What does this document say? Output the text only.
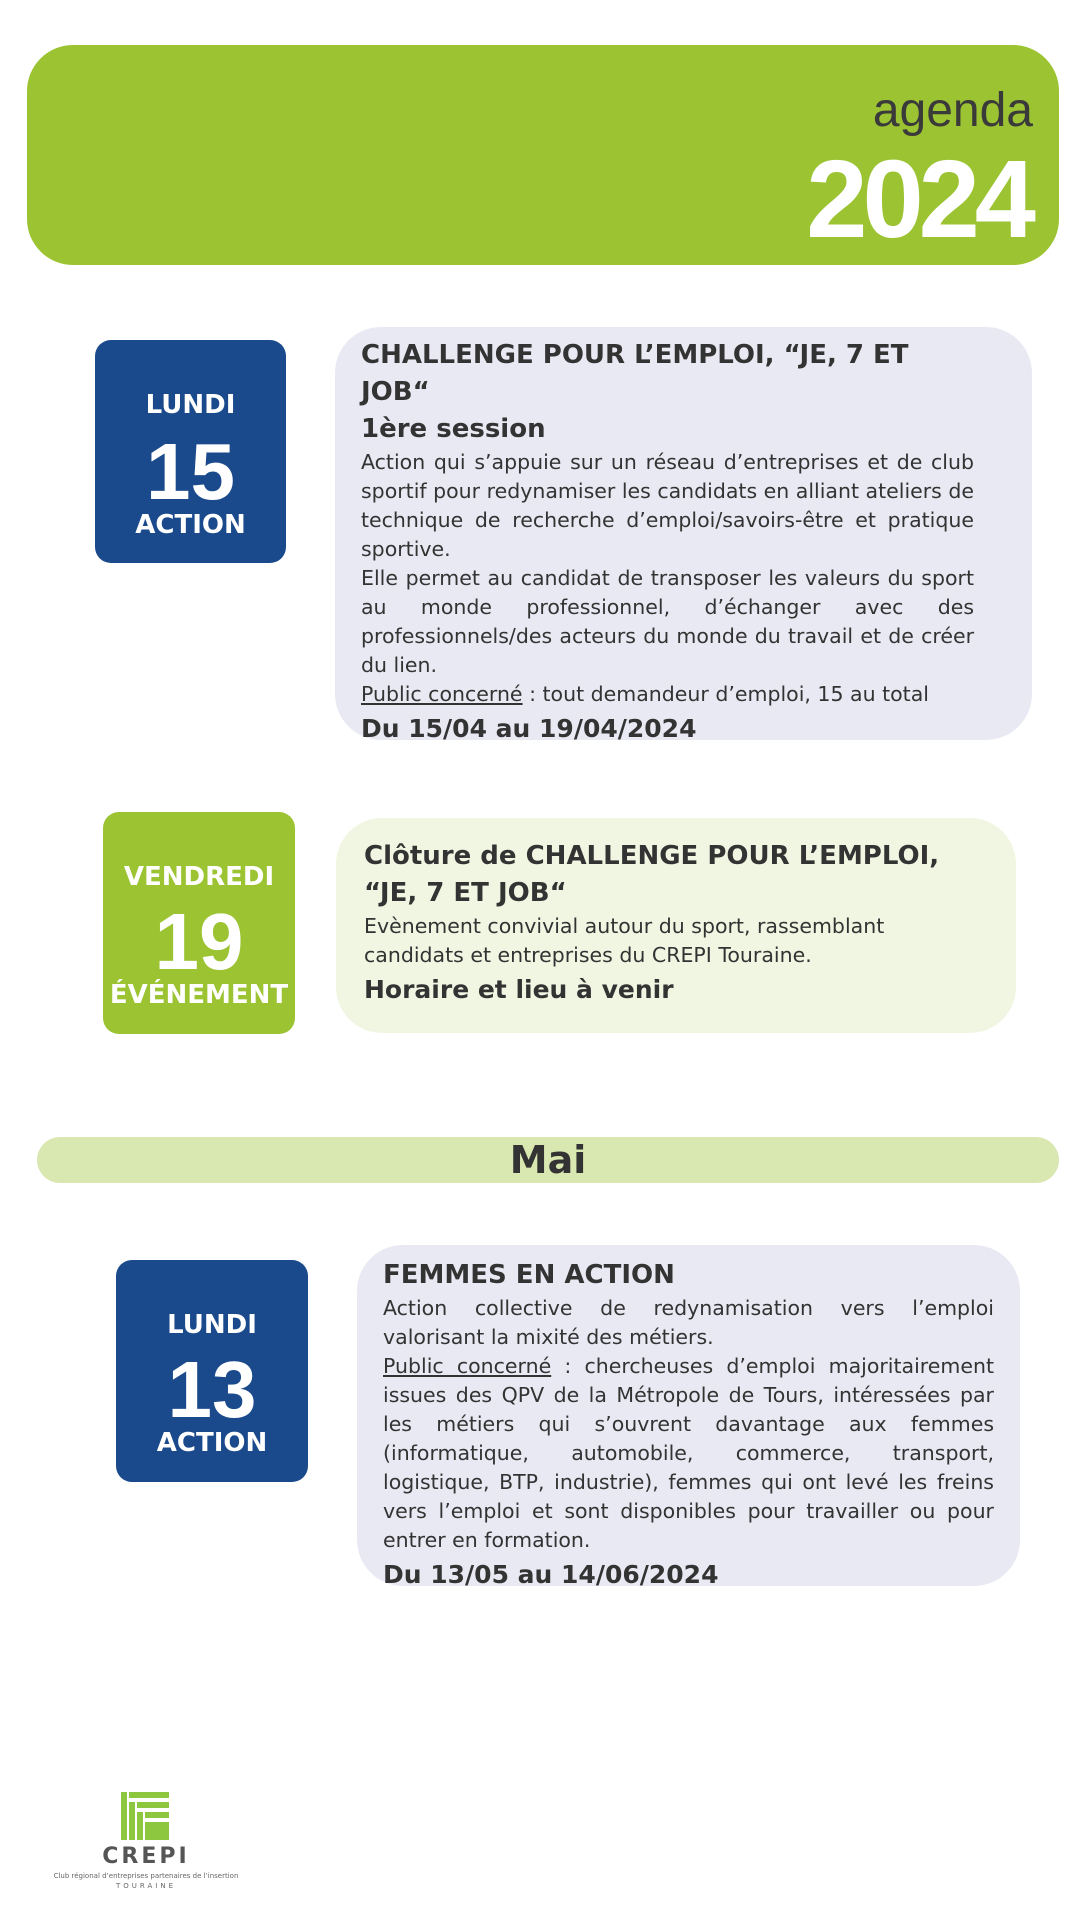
agenda
2024
LUNDI
15
ACTION
CHALLENGE POUR L’EMPLOI, “JE, 7 ET JOB“
1ère session

Action qui s’appuie sur un réseau d’entreprises et de club sportif pour redynamiser les candidats en alliant ateliers de technique de recherche d’emploi/savoirs-être et pratique sportive.

Elle permet au candidat de transposer les valeurs du sport au monde professionnel, d’échanger avec des professionnels/des acteurs du monde du travail et de créer du lien.

Public concerné : tout demandeur d’emploi, 15 au total

Du 15/04 au 19/04/2024
VENDREDI
19
ÉVÉNEMENT
Clôture de CHALLENGE POUR L’EMPLOI, “JE, 7 ET JOB“

Evènement convivial autour du sport, rassemblant candidats et entreprises du CREPI Touraine.

Horaire et lieu à venir
Mai
LUNDI
13
ACTION
FEMMES EN ACTION

Action collective de redynamisation vers l’emploi valorisant la mixité des métiers.

Public concerné : chercheuses d’emploi majoritairement issues des QPV de la Métropole de Tours, intéressées par les métiers qui s’ouvrent davantage aux femmes (informatique, automobile, commerce, transport, logistique, BTP, industrie), femmes qui ont levé les freins vers l’emploi et sont disponibles pour travailler ou pour entrer en formation.

Du 13/05 au 14/06/2024
CREPI
Club régional d’entreprises partenaires de l’insertion
TOURAINE
